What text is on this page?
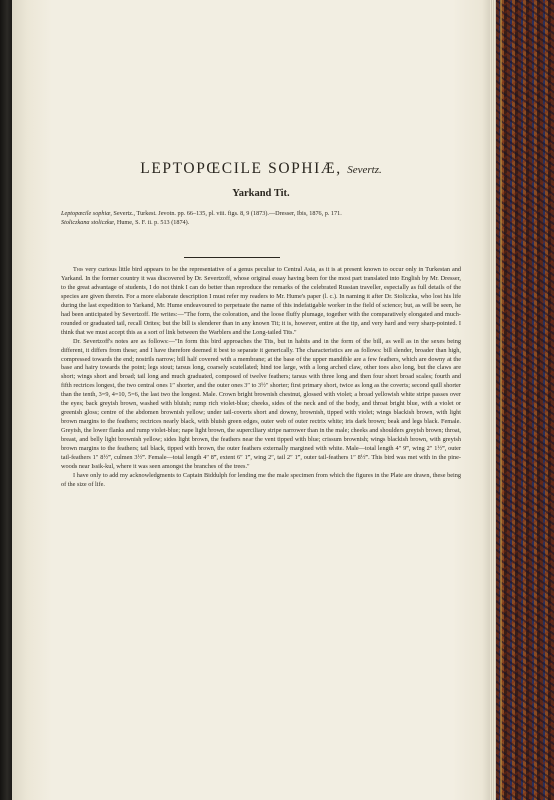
LEPTOPŒCILE SOPHIÆ, Severtz.
Yarkand Tit.

Leptopœcile sophiæ, Severtz., Turkest. Jevotn. pp. 66–135, pl. viii. figs. 8, 9 (1873).—Dresser, Ibis, 1876, p. 171.

Stoliczkana stoliczkæ, Hume, S. F. ii. p. 513 (1874).

This very curious little bird appears to be the representative of a genus peculiar to Central Asia, as it is at present known to occur only in Turkestan and Yarkand. In the former country it was discovered by Dr. Severtzoff, whose original essay having been for the most part translated into English by Mr. Dresser, to the great advantage of students, I do not think I can do better than reproduce the remarks of the celebrated Russian traveller, especially as full details of the species are given therein. For a more elaborate description I must refer my readers to Mr. Hume's paper (l. c.). In naming it after Dr. Stoliczka, who lost his life during the last expedition to Yarkand, Mr. Hume endeavoured to perpetuate the name of this indefatigable worker in the field of science; but, as will be seen, he had been anticipated by Severtzoff. He writes:—"The form, the coloration, and the loose fluffy plumage, together with the comparatively elongated and much-rounded or graduated tail, recall Orites; but the bill is slenderer than in any known Tit; it is, however, entire at the tip, and very hard and very sharp-pointed. I think that we must accept this as a sort of link between the Warblers and the Long-tailed Tits."

Dr. Severtzoff's notes are as follows:—"In form this bird approaches the Tits, but in habits and in the form of the bill, as well as in the sexes being different, it differs from these; and I have therefore deemed it best to separate it generically. The characteristics are as follows: bill slender, broader than high, compressed towards the end; nostrils narrow; bill half covered with a membrane; at the base of the upper mandible are a few feathers, which are downy at the base and hairy towards the point; legs stout; tarsus long, coarsely scutellated; hind toe large, with a long arched claw, other toes also long, but the claws are short; wings short and broad; tail long and much graduated, composed of twelve feathers; tarsus with three long and then four short broad scales; fourth and fifth rectrices longest, the two central ones 1″ shorter, and the outer ones 3″ to 3½″ shorter; first primary short, twice as long as the coverts; second quill shorter than the tenth, 3=9, 4=10, 5=6, the last two the longest. Male. Crown bright brownish chestnut, glossed with violet; a broad yellowish white stripe passes over the eyes; back greyish brown, washed with bluish; rump rich violet-blue; cheeks, sides of the neck and of the body, and throat bright blue, with a violet or greenish gloss; centre of the abdomen brownish yellow; under tail-coverts short and downy, brownish, tipped with violet; wings blackish brown, with light brown margins to the feathers; rectrices nearly black, with bluish green edges, outer web of outer rectrix white; iris dark brown; beak and legs black. Female. Greyish, the lower flanks and rump violet-blue; nape light brown, the superciliary stripe narrower than in the male; cheeks and shoulders greyish brown; throat, breast, and belly light brownish yellow; sides light brown, the feathers near the vent tipped with blue; crissum brownish; wings blackish brown, with greyish brown margins to the feathers; tail black, tipped with brown, the outer feathers externally margined with white. Male—total length 4″ 9‴, wing 2″ 1½‴, outer tail-feathers 1″ 8½‴, culmen 3½‴. Female—total length 4″ 8‴, extent 6″ 1‴, wing 2″, tail 2″ 1‴, outer tail-feathers 1″ 8½‴. This bird was met with in the pine-woods near Issik-kul, where it was seen amongst the branches of the trees."

I have only to add my acknowledgments to Captain Biddulph for lending me the male specimen from which the figures in the Plate are drawn, these being of the size of life.
